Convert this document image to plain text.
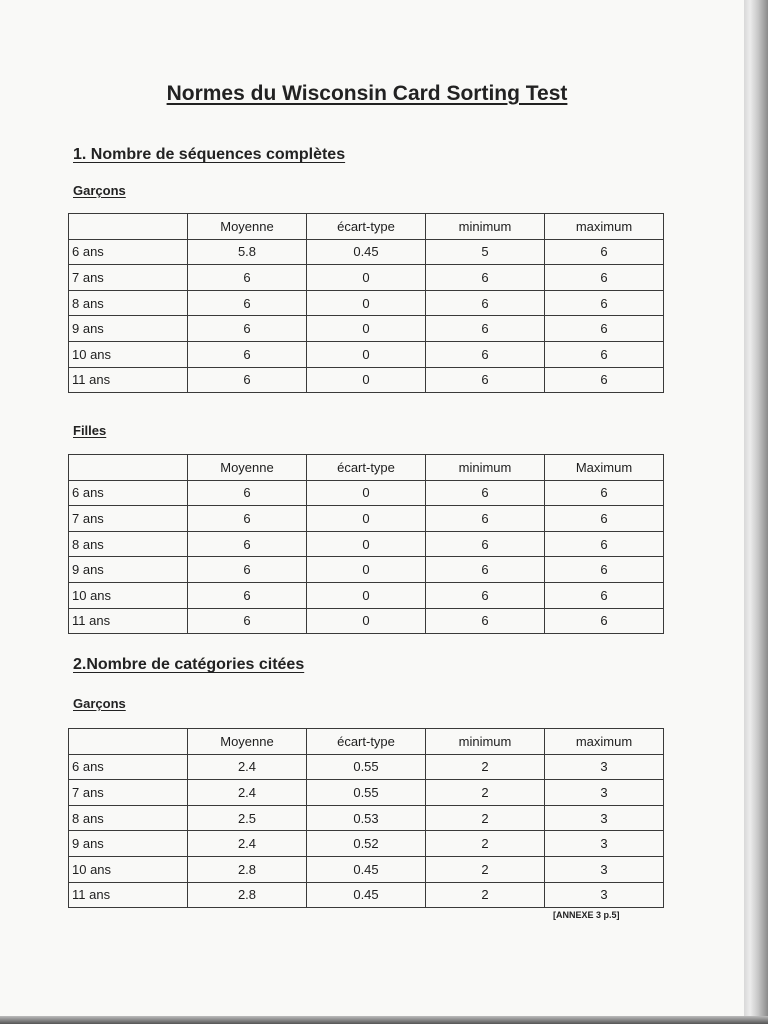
Normes du Wisconsin Card Sorting Test
1. Nombre de séquences complètes
Garçons
	Moyenne	écart-type	minimum	maximum
6 ans	5.8	0.45	5	6
7 ans	6	0	6	6
8 ans	6	0	6	6
9 ans	6	0	6	6
10 ans	6	0	6	6
11 ans	6	0	6	6
Filles
	Moyenne	écart-type	minimum	Maximum
6 ans	6	0	6	6
7 ans	6	0	6	6
8 ans	6	0	6	6
9 ans	6	0	6	6
10 ans	6	0	6	6
11 ans	6	0	6	6
2.Nombre de catégories citées
Garçons
	Moyenne	écart-type	minimum	maximum
6 ans	2.4	0.55	2	3
7 ans	2.4	0.55	2	3
8 ans	2.5	0.53	2	3
9 ans	2.4	0.52	2	3
10 ans	2.8	0.45	2	3
11 ans	2.8	0.45	2	3
[ANNEXE 3 p.5]
